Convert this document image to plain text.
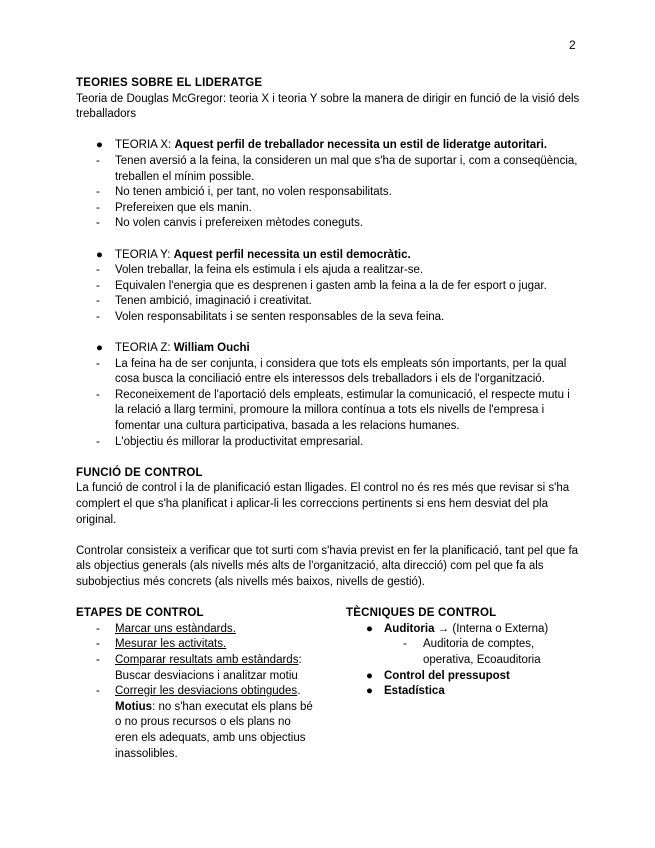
2
TEORIES SOBRE EL LIDERATGE

Teoria de Douglas McGregor: teoria X i teoria Y sobre la manera de dirigir en funció de la visió dels treballadors

● TEORIA X: Aquest perfil de treballador necessita un estil de lideratge autoritari.
- Tenen aversió a la feina, la consideren un mal que s'ha de suportar i, com a conseqüència, treballen el mínim possible.
- No tenen ambició i, per tant, no volen responsabilitats.
- Prefereixen que els manin.
- No volen canvis i prefereixen mètodes coneguts.
● TEORIA Y: Aquest perfil necessita un estil democràtic.
- Volen treballar, la feina els estimula i els ajuda a realitzar-se.
- Equivalen l'energia que es desprenen i gasten amb la feina a la de fer esport o jugar.
- Tenen ambició, imaginació i creativitat.
- Volen responsabilitats i se senten responsables de la seva feina.
● TEORIA Z: William Ouchi
- La feina ha de ser conjunta, i considera que tots els empleats són importants, per la qual cosa busca la conciliació entre els interessos dels treballadors i els de l'organització.
- Reconeixement de l'aportació dels empleats, estimular la comunicació, el respecte mutu i la relació a llarg termini, promoure la millora contínua a tots els nivells de l'empresa i fomentar una cultura participativa, basada a les relacions humanes.
- L'objectiu és millorar la productivitat empresarial.
FUNCIÓ DE CONTROL

La funció de control i la de planificació estan lligades. El control no és res més que revisar si s'ha complert el que s'ha planificat i aplicar-li les correccions pertinents si ens hem desviat del pla original.

Controlar consisteix a verificar que tot surti com s'havia previst en fer la planificació, tant pel que fa als objectius generals (als nivells més alts de l'organització, alta direcció) com pel que fa als subobjectius més concrets (als nivells més baixos, nivells de gestió).

ETAPES DE CONTROL
- Marcar uns estàndards.
- Mesurar les activitats.
- Comparar resultats amb estàndards: Buscar desviacions i analitzar motiu
- Corregir les desviacions obtingudes. Motius: no s'han executat els plans bé o no prous recursos o els plans no eren els adequats, amb uns objectius inassolibles.
TÈCNIQUES DE CONTROL
● Auditoria → (Interna o Externa)
- Auditoria de comptes, operativa, Ecoauditoria
● Control del pressupost
● Estadística
